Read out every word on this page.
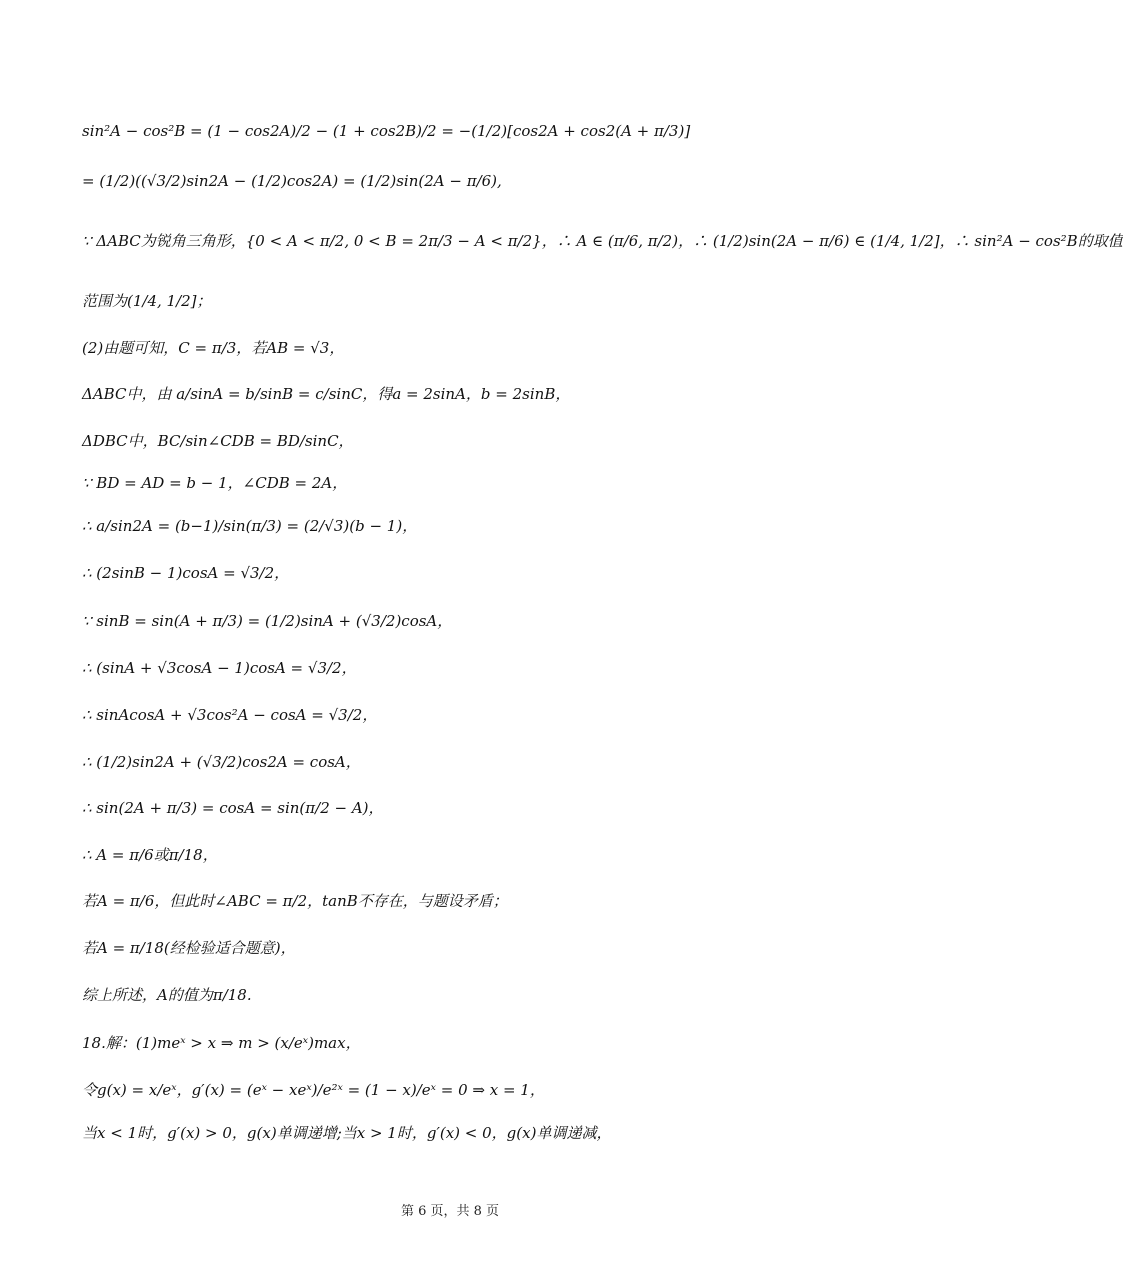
sin²A − cos²B = (1 − cos2A)/2 − (1 + cos2B)/2 = −(1/2)[cos2A + cos2(A + π/3)]
= (1/2)((√3/2)sin2A − (1/2)cos2A) = (1/2)sin(2A − π/6),
∵ ΔABC为锐角三角形，{0 < A < π/2, 0 < B = 2π/3 − A < π/2}，∴ A ∈ (π/6, π/2)，∴ (1/2)sin(2A − π/6) ∈ (1/4, 1/2]，∴ sin²A − cos²B的取值
范围为(1/4, 1/2]；
(2)由题可知，C = π/3，若AB = √3，
ΔABC中，由 a/sinA = b/sinB = c/sinC，得a = 2sinA，b = 2sinB，
ΔDBC中，BC/sin∠CDB = BD/sinC，
∵ BD = AD = b − 1，∠CDB = 2A，
∴ a/sin2A = (b−1)/sin(π/3) = (2/√3)(b − 1)，
∴ (2sinB − 1)cosA = √3/2，
∵ sinB = sin(A + π/3) = (1/2)sinA + (√3/2)cosA，
∴ (sinA + √3cosA − 1)cosA = √3/2，
∴ sinAcosA + √3cos²A − cosA = √3/2，
∴ (1/2)sin2A + (√3/2)cos2A = cosA，
∴ sin(2A + π/3) = cosA = sin(π/2 − A)，
∴ A = π/6或π/18，
若A = π/6，但此时∠ABC = π/2，tanB不存在，与题设矛盾；
若A = π/18(经检验适合题意)，
综上所述，A的值为π/18.
18.解：(1)meˣ > x ⇒ m > (x/eˣ)max，
令g(x) = x/eˣ，g′(x) = (eˣ − xeˣ)/e²ˣ = (1 − x)/eˣ = 0 ⇒ x = 1，
当x < 1时，g′(x) > 0，g(x)单调递增;当x > 1时，g′(x) < 0，g(x)单调递减，
第 6 页，共 8 页
